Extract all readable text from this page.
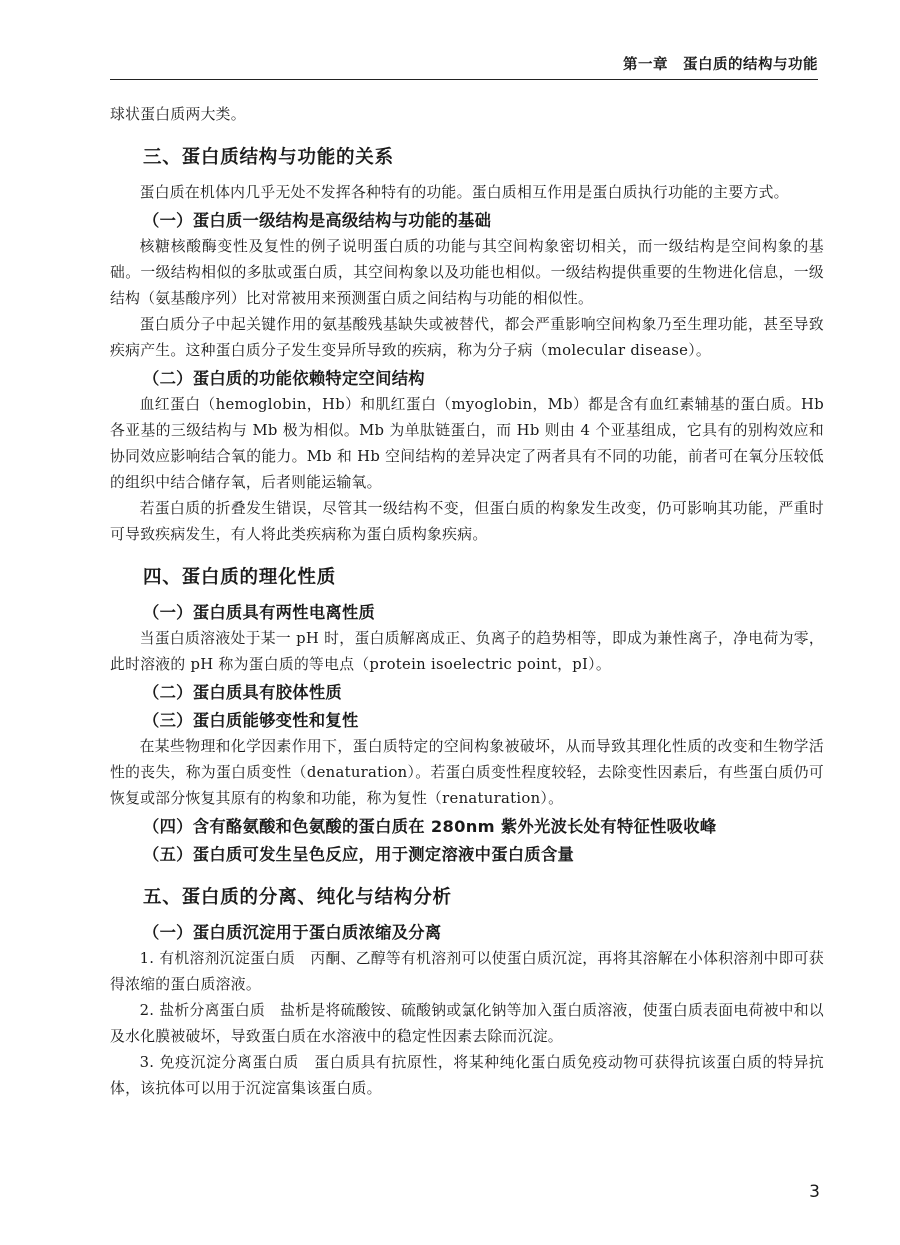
第一章　蛋白质的结构与功能

球状蛋白质两大类。

三、蛋白质结构与功能的关系

蛋白质在机体内几乎无处不发挥各种特有的功能。蛋白质相互作用是蛋白质执行功能的主要方式。

（一）蛋白质一级结构是高级结构与功能的基础

核糖核酸酶变性及复性的例子说明蛋白质的功能与其空间构象密切相关，而一级结构是空间构象的基础。一级结构相似的多肽或蛋白质，其空间构象以及功能也相似。一级结构提供重要的生物进化信息，一级结构（氨基酸序列）比对常被用来预测蛋白质之间结构与功能的相似性。

蛋白质分子中起关键作用的氨基酸残基缺失或被替代，都会严重影响空间构象乃至生理功能，甚至导致疾病产生。这种蛋白质分子发生变异所导致的疾病，称为分子病（molecular disease）。

（二）蛋白质的功能依赖特定空间结构

血红蛋白（hemoglobin，Hb）和肌红蛋白（myoglobin，Mb）都是含有血红素辅基的蛋白质。Hb各亚基的三级结构与 Mb 极为相似。Mb 为单肽链蛋白，而 Hb 则由 4 个亚基组成，它具有的别构效应和协同效应影响结合氧的能力。Mb 和 Hb 空间结构的差异决定了两者具有不同的功能，前者可在氧分压较低的组织中结合储存氧，后者则能运输氧。

若蛋白质的折叠发生错误，尽管其一级结构不变，但蛋白质的构象发生改变，仍可影响其功能，严重时可导致疾病发生，有人将此类疾病称为蛋白质构象疾病。

四、蛋白质的理化性质
（一）蛋白质具有两性电离性质

当蛋白质溶液处于某一 pH 时，蛋白质解离成正、负离子的趋势相等，即成为兼性离子，净电荷为零，此时溶液的 pH 称为蛋白质的等电点（protein isoelectric point，pI）。

（二）蛋白质具有胶体性质
（三）蛋白质能够变性和复性

在某些物理和化学因素作用下，蛋白质特定的空间构象被破坏，从而导致其理化性质的改变和生物学活性的丧失，称为蛋白质变性（denaturation）。若蛋白质变性程度较轻，去除变性因素后，有些蛋白质仍可恢复或部分恢复其原有的构象和功能，称为复性（renaturation）。

（四）含有酪氨酸和色氨酸的蛋白质在 280nm 紫外光波长处有特征性吸收峰
（五）蛋白质可发生呈色反应，用于测定溶液中蛋白质含量
五、蛋白质的分离、纯化与结构分析
（一）蛋白质沉淀用于蛋白质浓缩及分离

1. 有机溶剂沉淀蛋白质　丙酮、乙醇等有机溶剂可以使蛋白质沉淀，再将其溶解在小体积溶剂中即可获得浓缩的蛋白质溶液。

2. 盐析分离蛋白质　盐析是将硫酸铵、硫酸钠或氯化钠等加入蛋白质溶液，使蛋白质表面电荷被中和以及水化膜被破坏，导致蛋白质在水溶液中的稳定性因素去除而沉淀。

3. 免疫沉淀分离蛋白质　蛋白质具有抗原性，将某种纯化蛋白质免疫动物可获得抗该蛋白质的特异抗体，该抗体可以用于沉淀富集该蛋白质。

3
